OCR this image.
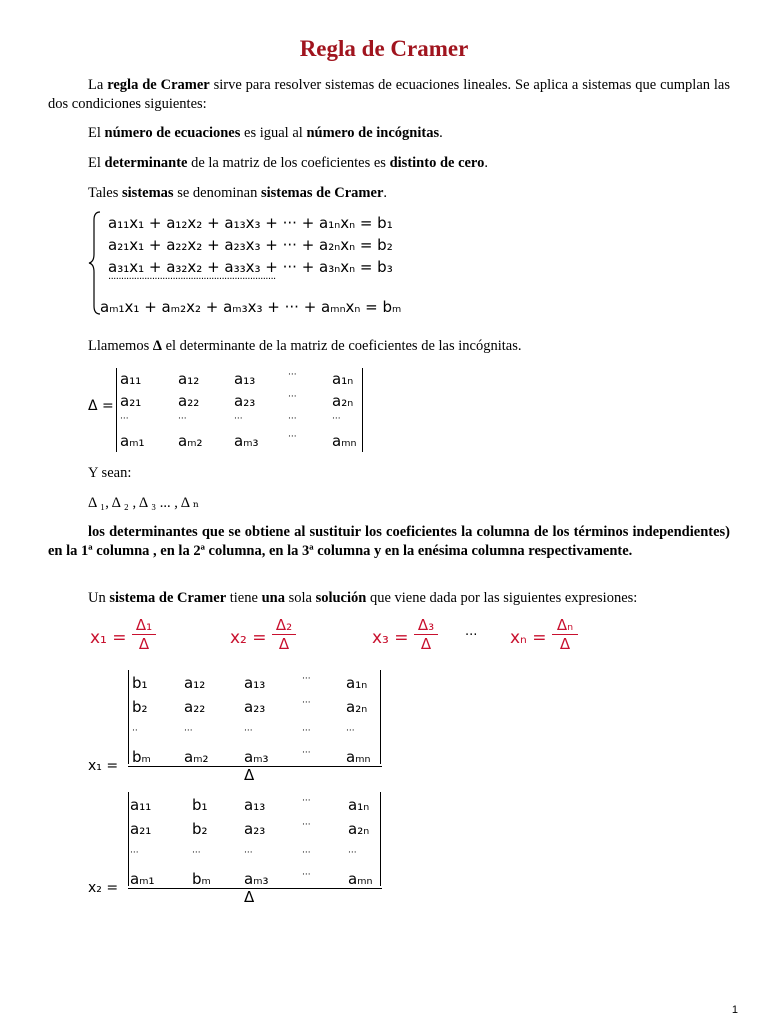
Regla de Cramer
La regla de Cramer sirve para resolver sistemas de ecuaciones lineales. Se aplica a sistemas que cumplan las dos condiciones siguientes:
El número de ecuaciones es igual al número de incógnitas.
El determinante de la matriz de los coeficientes es distinto de cero.
Tales sistemas se denominan sistemas de Cramer.
a₁₁x₁ + a₁₂x₂ + a₁₃x₃ + ··· + a₁ₙxₙ = b₁
a₂₁x₁ + a₂₂x₂ + a₂₃x₃ + ··· + a₂ₙxₙ = b₂
a₃₁x₁ + a₃₂x₂ + a₃₃x₃ + ··· + a₃ₙxₙ = b₃
·································································
aₘ₁x₁ + aₘ₂x₂ + aₘ₃x₃ + ··· + aₘₙxₙ = bₘ
Llamemos Δ el determinante de la matriz de coeficientes de las incógnitas.
Δ =
a₁₁ a₁₂ a₁₃	··· a₁ₙ
a₂₁ a₂₂ a₂₃	··· a₂ₙ
···	···	···	···	···
aₘ₁ aₘ₂ aₘ₃	··· aₘₙ
Y sean:
Δ ₁, Δ ₂ , Δ ₃ ... , Δ ₙ
los determinantes que se obtiene al sustituir los coeficientes la columna de los términos independientes) en la 1ª columna , en la 2ª columna, en la 3ª columna y en la enésima columna respectivamente.
Un sistema de Cramer tiene una sola solución que viene dada por las siguientes expresiones:
$x_1 = \frac{\text{Δ₁}}{\Delta}$	$x_2 = \frac{\text{Δ₂}}{\Delta}$	$x_3 = \frac{\text{Δ₃}}{\Delta}$ ··· $x_n = \frac{\text{Δₙ}}{\Delta}$
x₁ =
b₁ a₁₂	a₁₃	··· a₁ₙ
b₂ a₂₂	a₂₃	··· a₂ₙ
··	···	···	···	···
bₘ aₘ₂ aₘ₃	··· aₘₙ
Δ
x₂ =
a₁₁	b₁ a₁₃	··· a₁ₙ
a₂₁	b₂ a₂₃	··· a₂ₙ
···	···	···	···	···
aₘ₁ bₘ aₘ₃	··· aₘₙ
Δ
1
